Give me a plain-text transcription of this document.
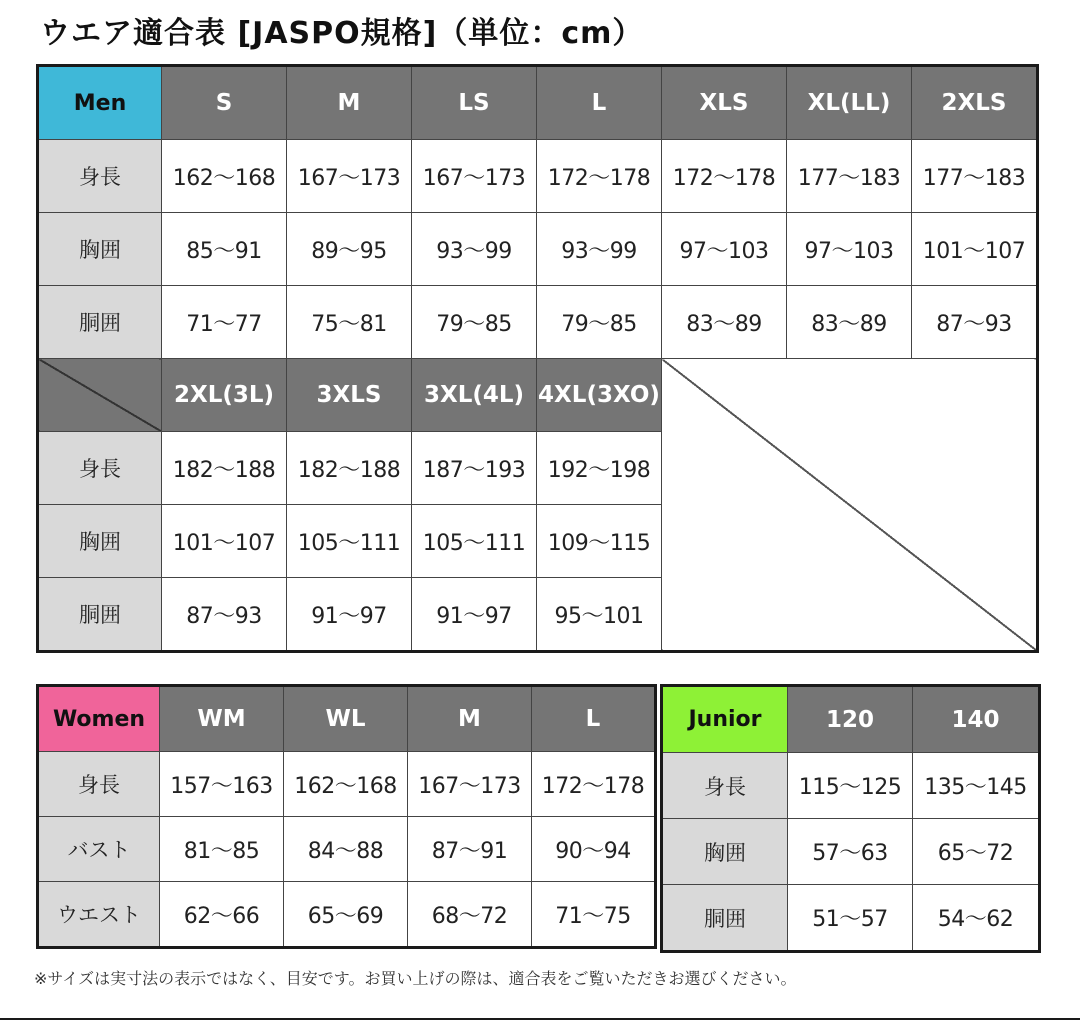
ウエア適合表 [JASPO規格]（単位：cm）
Men	S	M	LS	L	XLS	XL(LL)	2XLS
身長	162〜168	167〜173	167〜173	172〜178	172〜178	177〜183	177〜183
胸囲	85〜91	89〜95	93〜99	93〜99	97〜103	97〜103	101〜107
胴囲	71〜77	75〜81	79〜85	79〜85	83〜89	83〜89	87〜93
	2XL(3L)	3XLS	3XL(4L)	4XL(3XO)			
身長	182〜188	182〜188	187〜193	192〜198			
胸囲	101〜107	105〜111	105〜111	109〜115			
胴囲	87〜93	91〜97	91〜97	95〜101			
Women	WM	WL	M	L
身長	157〜163	162〜168	167〜173	172〜178
バスト	81〜85	84〜88	87〜91	90〜94
ウエスト	62〜66	65〜69	68〜72	71〜75
Junior	120	140
身長	115〜125	135〜145
胸囲	57〜63	65〜72
胴囲	51〜57	54〜62
※サイズは実寸法の表示ではなく、目安です。お買い上げの際は、適合表をご覧いただきお選びください。
